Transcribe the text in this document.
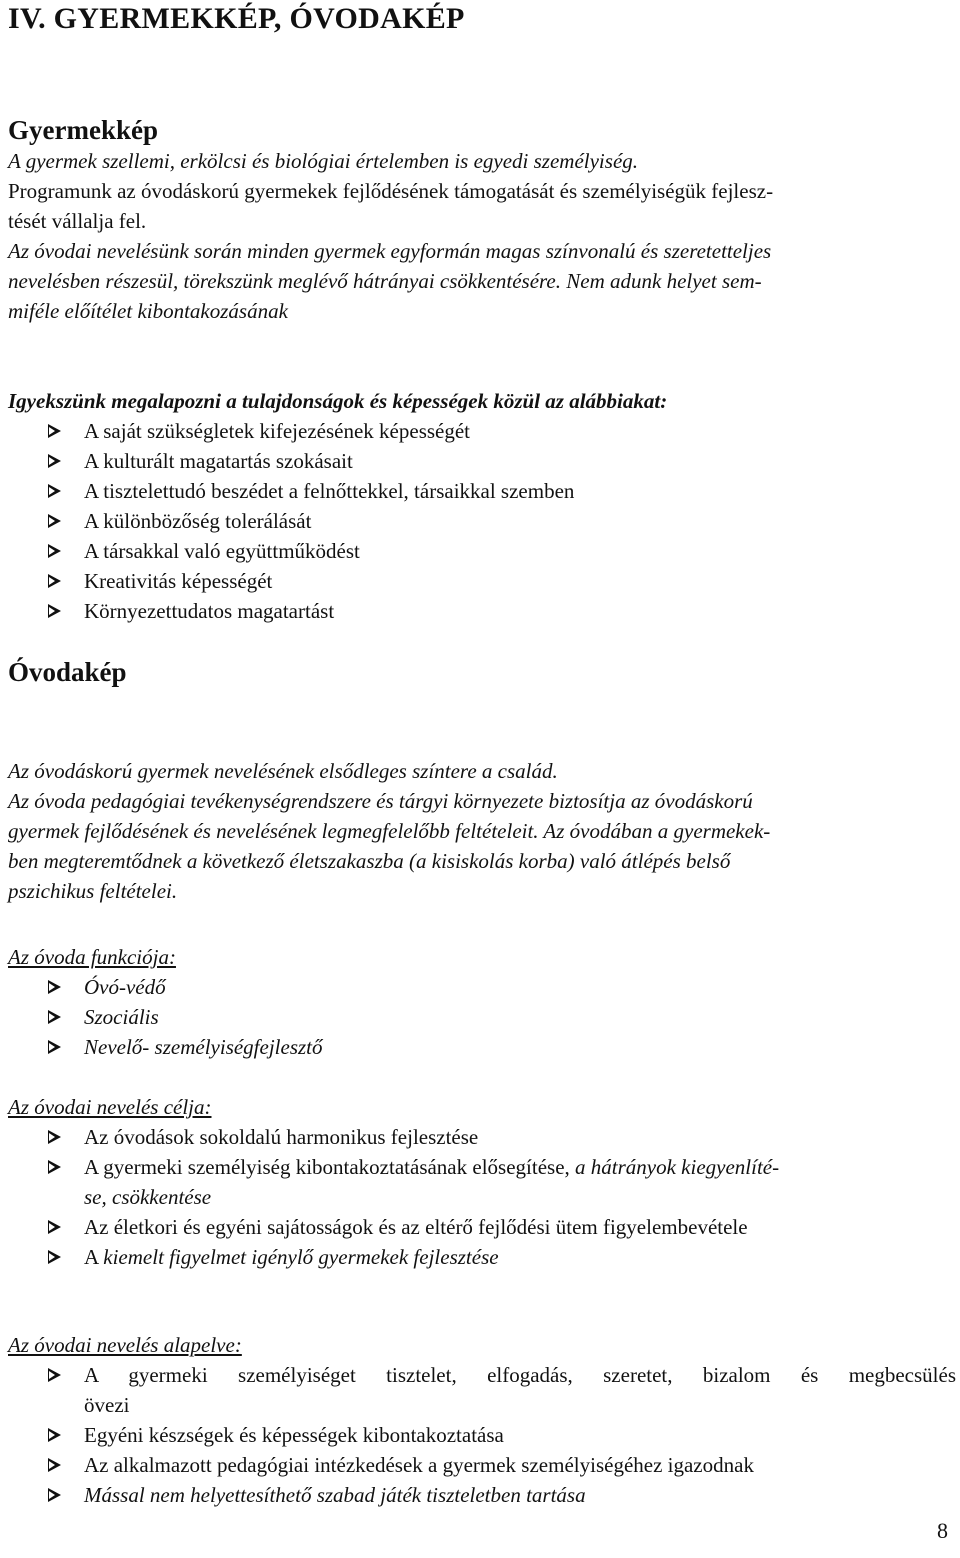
IV. GYERMEKKÉP, ÓVODAKÉP
Gyermekkép
A gyermek szellemi, erkölcsi és biológiai értelemben is egyedi személyiség.
Programunk az óvodáskorú gyermekek fejlődésének támogatását és személyiségük fejlesz-
tését vállalja fel.
Az óvodai nevelésünk során minden gyermek egyformán magas színvonalú és szeretetteljes
nevelésben részesül, törekszünk meglévő hátrányai csökkentésére. Nem adunk helyet sem-
miféle előítélet kibontakozásának
Igyekszünk megalapozni a tulajdonságok és képességek közül az alábbiakat:
A saját szükségletek kifejezésének képességét
A kulturált magatartás szokásait
A tisztelettudó beszédet a felnőttekkel, társaikkal szemben
A különbözőség tolerálását
A társakkal való együttműködést
Kreativitás képességét
Környezettudatos magatartást
Óvodakép
Az óvodáskorú gyermek nevelésének elsődleges színtere a család.
Az óvoda pedagógiai tevékenységrendszere és tárgyi környezete biztosítja az óvodáskorú
gyermek fejlődésének és nevelésének legmegfelelőbb feltételeit. Az óvodában a gyermekek-
ben megteremtődnek a következő életszakaszba (a kisiskolás korba) való átlépés belső
pszichikus feltételei.
Az óvoda funkciója:
Óvó-védő
Szociális
Nevelő- személyiségfejlesztő
Az óvodai nevelés célja:
Az óvodások sokoldalú harmonikus fejlesztése
A gyermeki személyiség kibontakoztatásának elősegítése, a hátrányok kiegyenlíté-
se, csökkentése
Az életkori és egyéni sajátosságok és az eltérő fejlődési ütem figyelembevétele
A kiemelt figyelmet igénylő gyermekek fejlesztése
Az óvodai nevelés alapelve:
A gyermeki személyiséget tisztelet, elfogadás, szeretet, bizalom és megbecsülés
övezi
Egyéni készségek és képességek kibontakoztatása
Az alkalmazott pedagógiai intézkedések a gyermek személyiségéhez igazodnak
Mással nem helyettesíthető szabad játék tiszteletben tartása
8
